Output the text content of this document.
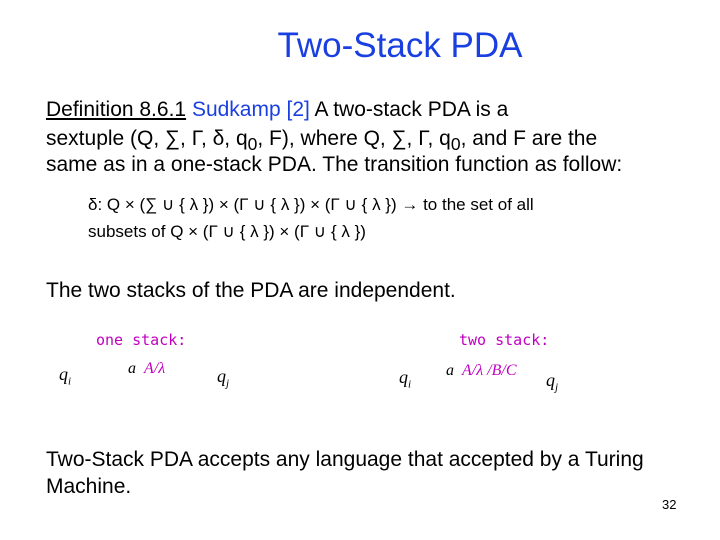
Two-Stack PDA
Definition 8.6.1 Sudkamp [2] A two-stack PDA is a
sextuple (Q, ∑, Γ, δ, $q_0$, F), where Q, ∑, Γ, $q_0$, and F are the
same as in a one-stack PDA. The transition function as follow:
δ: Q × (∑ ∪ { λ }) × (Γ ∪ { λ }) × (Γ ∪ { λ }) → to the set of all
subsets of Q × (Γ ∪ { λ }) × (Γ ∪ { λ })
The two stacks of the PDA are independent.
one stack:	two stack:
$q_i$
a A/λ	$q_j$	$q_i$
a A/λ /B/C $q_j$
Two-Stack PDA accepts any language that accepted by a Turing
Machine.
32
